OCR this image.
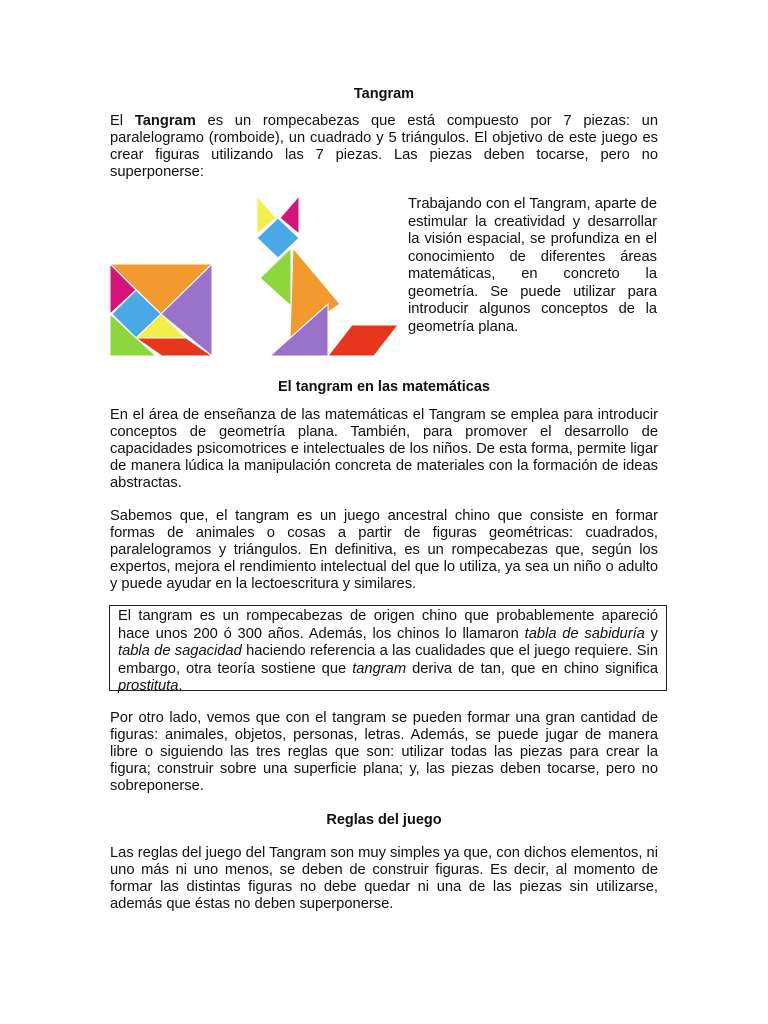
Tangram

El Tangram es un rompecabezas que está compuesto por 7 piezas: un paralelogramo (romboide), un cuadrado y 5 triángulos. El objetivo de este juego es crear figuras utilizando las 7 piezas. Las piezas deben tocarse, pero no superponerse:

Trabajando con el Tangram, aparte de estimular la creatividad y desarrollar la visión espacial, se profundiza en el conocimiento de diferentes áreas matemáticas, en concreto la geometría. Se puede utilizar para introducir algunos conceptos de la geometría plana.

El tangram en las matemáticas

En el área de enseñanza de las matemáticas el Tangram se emplea para introducir conceptos de geometría plana. También, para promover el desarrollo de capacidades psicomotrices e intelectuales de los niños. De esta forma, permite ligar de manera lúdica la manipulación concreta de materiales con la formación de ideas abstractas.

Sabemos que, el tangram es un juego ancestral chino que consiste en formar formas de animales o cosas a partir de figuras geométricas: cuadrados, paralelogramos y triángulos. En definitiva, es un rompecabezas que, según los expertos, mejora el rendimiento intelectual del que lo utiliza, ya sea un niño o adulto y puede ayudar en la lectoescritura y similares.

El tangram es un rompecabezas de origen chino que probablemente apareció hace unos 200 ó 300 años. Además, los chinos lo llamaron tabla de sabiduría y tabla de sagacidad haciendo referencia a las cualidades que el juego requiere. Sin embargo, otra teoría sostiene que tangram deriva de tan, que en chino significa prostituta.

Por otro lado, vemos que con el tangram se pueden formar una gran cantidad de figuras: animales, objetos, personas, letras. Además, se puede jugar de manera libre o siguiendo las tres reglas que son: utilizar todas las piezas para crear la figura; construir sobre una superficie plana; y, las piezas deben tocarse, pero no sobreponerse.

Reglas del juego

Las reglas del juego del Tangram son muy simples ya que, con dichos elementos, ni uno más ni uno menos, se deben de construir figuras. Es decir, al momento de formar las distintas figuras no debe quedar ni una de las piezas sin utilizarse, además que éstas no deben superponerse.
